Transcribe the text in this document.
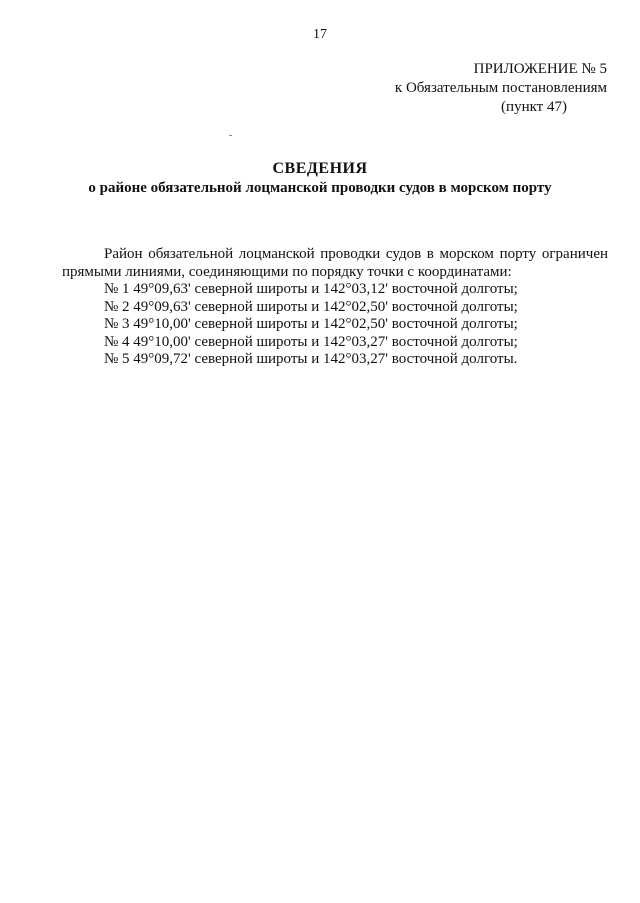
17
ПРИЛОЖЕНИЕ № 5
к Обязательным постановлениям
(пункт 47)
СВЕДЕНИЯ
о районе обязательной лоцманской проводки судов в морском порту

Район обязательной лоцманской проводки судов в морском порту ограничен прямыми линиями, соединяющими по порядку точки с координатами:

№ 1 49°09,63' северной широты и 142°03,12' восточной долготы;
№ 2 49°09,63' северной широты и 142°02,50' восточной долготы;
№ 3 49°10,00' северной широты и 142°02,50' восточной долготы;
№ 4 49°10,00' северной широты и 142°03,27' восточной долготы;
№ 5 49°09,72' северной широты и 142°03,27' восточной долготы.
